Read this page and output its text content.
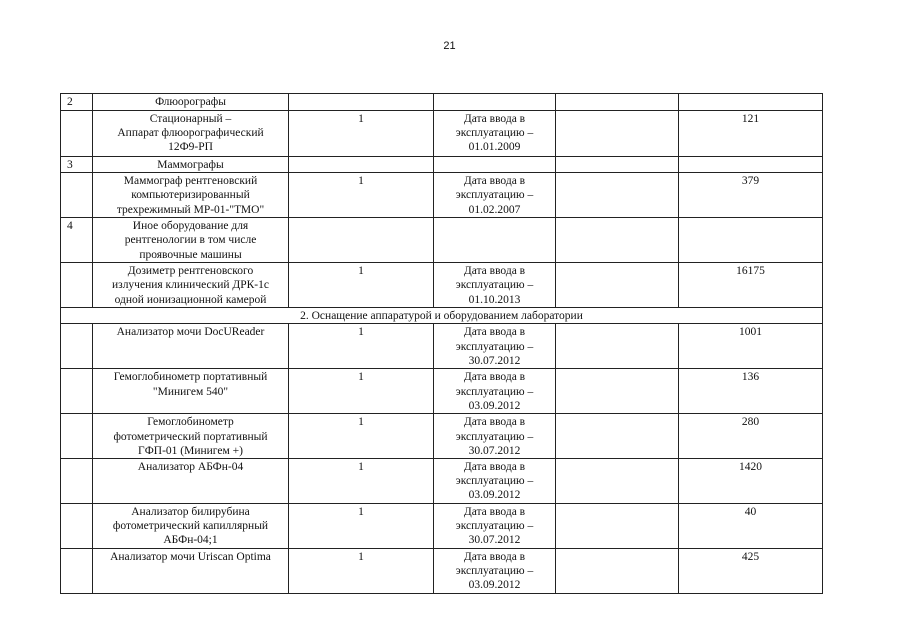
21
2	Флюорографы				
	Стационарный –
Аппарат флюорографический
12Ф9-РП	1	Дата ввода в
эксплуатацию –
01.01.2009		121
3	Маммографы				
	Маммограф рентгеновский
компьютеризированный
трехрежимный МР-01-"ТМО"	1	Дата ввода в
эксплуатацию –
01.02.2007		379
4	Иное оборудование для
рентгенологии в том числе
проявочные машины				
	Дозиметр рентгеновского
излучения клинический ДРК-1с
одной ионизационной камерой	1	Дата ввода в
эксплуатацию –
01.10.2013		16175
2. Оснащение аппаратурой и оборудованием лаборатории					
	Анализатор мочи DocUReader	1	Дата ввода в
эксплуатацию –
30.07.2012		1001
	Гемоглобинометр портативный
"Минигем 540"	1	Дата ввода в
эксплуатацию –
03.09.2012		136
	Гемоглобинометр
фотометрический портативный
ГФП-01 (Минигем +)	1	Дата ввода в
эксплуатацию –
30.07.2012		280
	Анализатор АБФн-04	1	Дата ввода в
эксплуатацию –
03.09.2012		1420
	Анализатор билирубина
фотометрический капиллярный
АБФн-04;1	1	Дата ввода в
эксплуатацию –
30.07.2012		40
	Анализатор мочи Uriscan Optima	1	Дата ввода в
эксплуатацию –
03.09.2012		425
